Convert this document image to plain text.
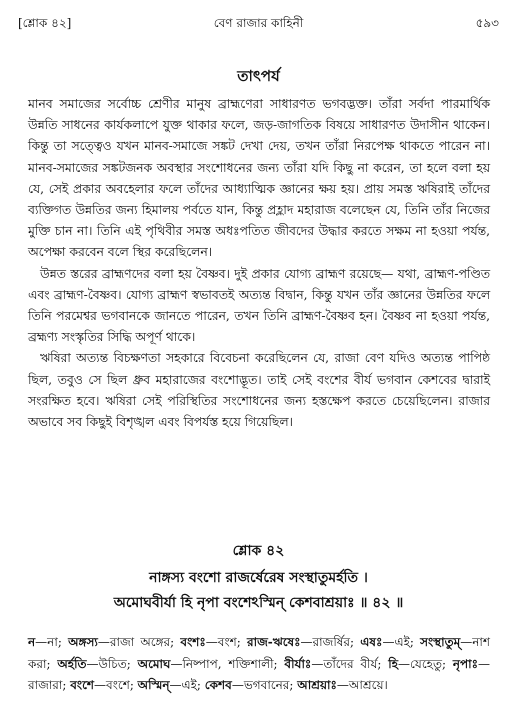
[শ্লোক ৪২]	বেণ রাজার কাহিনী	৫৯৩
তাৎপর্য

মানব সমাজের সর্বোচ্চ শ্রেণীর মানুষ ব্রাহ্মণেরা সাধারণত ভগবদ্ভক্ত। তাঁরা সর্বদা পারমার্থিক উন্নতি সাধনের কার্যকলাপে যুক্ত থাকার ফলে, জড়-জাগতিক বিষয়ে সাধারণত উদাসীন থাকেন। কিন্তু তা সত্ত্বেও যখন মানব-সমাজে সঙ্কট দেখা দেয়, তখন তাঁরা নিরপেক্ষ থাকতে পারেন না। মানব-সমাজের সঙ্কটজনক অবস্থার সংশোধনের জন্য তাঁরা যদি কিছু না করেন, তা হলে বলা হয় যে, সেই প্রকার অবহেলার ফলে তাঁদের আধ্যাত্মিক জ্ঞানের ক্ষয় হয়। প্রায় সমস্ত ঋষিরাই তাঁদের ব্যক্তিগত উন্নতির জন্য হিমালয় পর্বতে যান, কিন্তু প্রহ্লাদ মহারাজ বলেছেন যে, তিনি তাঁর নিজের মুক্তি চান না। তিনি এই পৃথিবীর সমস্ত অধঃপতিত জীবদের উদ্ধার করতে সক্ষম না হওয়া পর্যন্ত, অপেক্ষা করবেন বলে স্থির করেছিলেন।

উন্নত স্তরের ব্রাহ্মণদের বলা হয় বৈষ্ণব। দুই প্রকার যোগ্য ব্রাহ্মণ রয়েছে— যথা, ব্রাহ্মণ-পণ্ডিত এবং ব্রাহ্মণ-বৈষ্ণব। যোগ্য ব্রাহ্মণ স্বভাবতই অত্যন্ত বিদ্বান, কিন্তু যখন তাঁর জ্ঞানের উন্নতির ফলে তিনি পরমেশ্বর ভগবানকে জানতে পারেন, তখন তিনি ব্রাহ্মণ-বৈষ্ণব হন। বৈষ্ণব না হওয়া পর্যন্ত, ব্রহ্মণ্য সংস্কৃতির সিদ্ধি অপূর্ণ থাকে।

ঋষিরা অত্যন্ত বিচক্ষণতা সহকারে বিবেচনা করেছিলেন যে, রাজা বেণ যদিও অত্যন্ত পাপিষ্ঠ ছিল, তবুও সে ছিল ধ্রুব মহারাজের বংশোদ্ভূত। তাই সেই বংশের বীর্য ভগবান কেশবের দ্বারাই সংরক্ষিত হবে। ঋষিরা সেই পরিস্থিতির সংশোধনের জন্য হস্তক্ষেপ করতে চেয়েছিলেন। রাজার অভাবে সব কিছুই বিশৃঙ্খল এবং বিপর্যস্ত হয়ে গিয়েছিল।

শ্লোক ৪২
নাঙ্গস্য বংশো রাজর্ষেরেষ সংস্থাতুমর্হতি ।
অমোঘবীর্যা হি নৃপা বংশেঽস্মিন্ কেশবাশ্রয়াঃ ॥ ৪২ ॥
ন—না; অঙ্গস্য—রাজা অঙ্গের; বংশঃ—বংশ; রাজ-ঋষেঃ—রাজর্ষির; এষঃ—এই; সংস্থাতুম্—নাশ করা; অর্হতি—উচিত; অমোঘ—নিষ্পাপ, শক্তিশালী; বীর্যাঃ—তাঁদের বীর্য; হি—যেহেতু; নৃপাঃ—রাজারা; বংশে—বংশে; অস্মিন্—এই; কেশব—ভগবানের; আশ্রয়াঃ—আশ্রয়ে।
